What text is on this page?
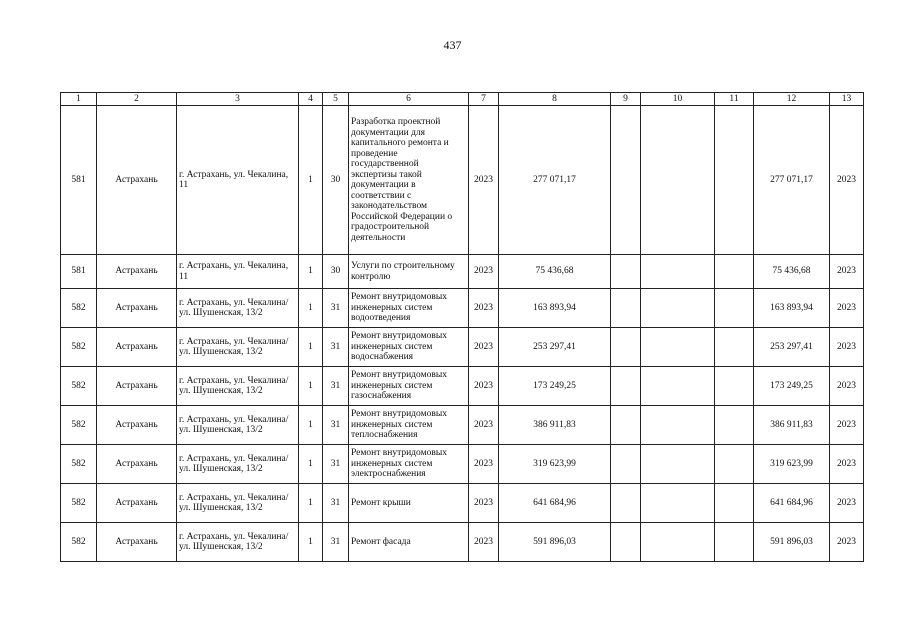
437
1	2	3	4	5	6	7	8	9	10	11	12	13
581	Астрахань	г. Астрахань, ул. Чекалина, 11	1	30	Разработка проектной документации для капитального ремонта и проведение государственной экспертизы такой документации в соответствии с законодательством Российской Федерации о градостроительной деятельности	2023	277 071,17				277 071,17	2023
581	Астрахань	г. Астрахань, ул. Чекалина, 11	1	30	Услуги по строительному контролю	2023	75 436,68				75 436,68	2023
582	Астрахань	г. Астрахань, ул. Чекалина/ ул. Шушенская, 13/2	1	31	Ремонт внутридомовых инженерных систем водоотведения	2023	163 893,94				163 893,94	2023
582	Астрахань	г. Астрахань, ул. Чекалина/ ул. Шушенская, 13/2	1	31	Ремонт внутридомовых инженерных систем водоснабжения	2023	253 297,41				253 297,41	2023
582	Астрахань	г. Астрахань, ул. Чекалина/ ул. Шушенская, 13/2	1	31	Ремонт внутридомовых инженерных систем газоснабжения	2023	173 249,25				173 249,25	2023
582	Астрахань	г. Астрахань, ул. Чекалина/ ул. Шушенская, 13/2	1	31	Ремонт внутридомовых инженерных систем теплоснабжения	2023	386 911,83				386 911,83	2023
582	Астрахань	г. Астрахань, ул. Чекалина/ ул. Шушенская, 13/2	1	31	Ремонт внутридомовых инженерных систем электроснабжения	2023	319 623,99				319 623,99	2023
582	Астрахань	г. Астрахань, ул. Чекалина/ ул. Шушенская, 13/2	1	31	Ремонт крыши	2023	641 684,96				641 684,96	2023
582	Астрахань	г. Астрахань, ул. Чекалина/ ул. Шушенская, 13/2	1	31	Ремонт фасада	2023	591 896,03				591 896,03	2023
